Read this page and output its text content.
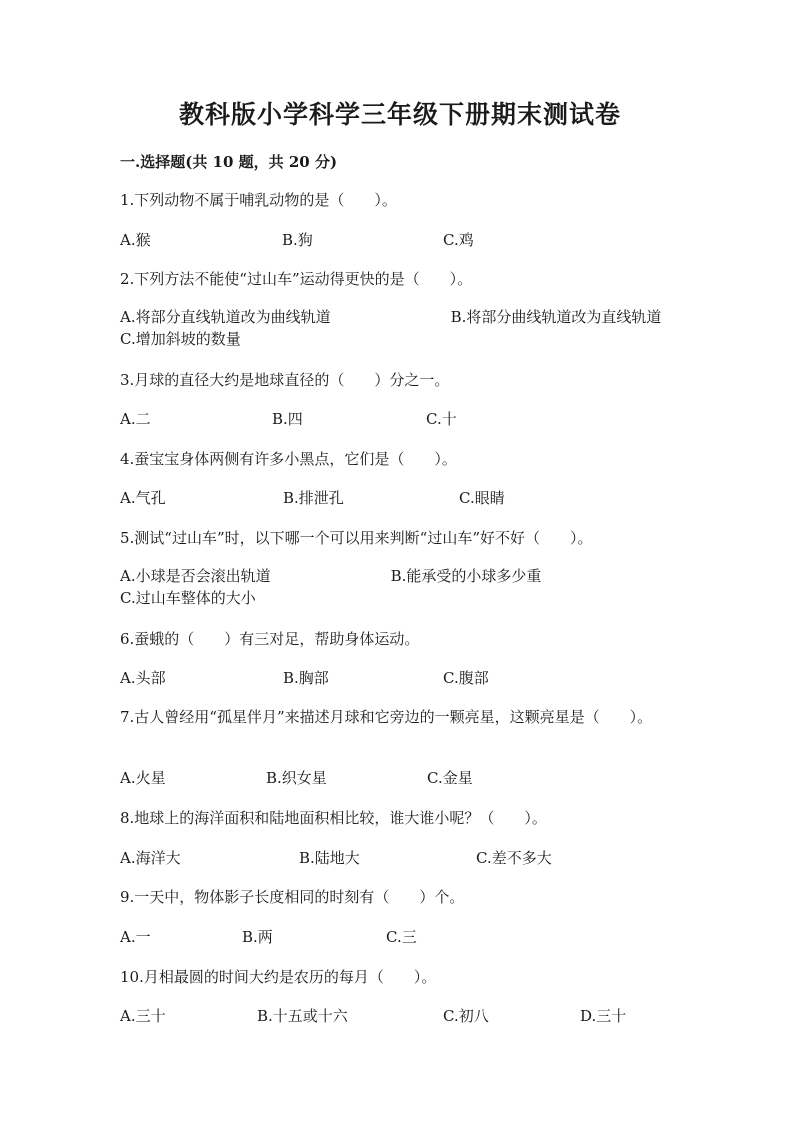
教科版小学科学三年级下册期末测试卷
一.选择题(共 10 题，共 20 分)
1.下列动物不属于哺乳动物的是（　　）。
A.猴	B.狗	C.鸡
2.下列方法不能使“过山车”运动得更快的是（　　）。
A.将部分直线轨道改为曲线轨道　　　　　　　　B.将部分曲线轨道改为直线轨道　　　　C.增加斜坡的数量
3.月球的直径大约是地球直径的（　　）分之一。
A.二	B.四	C.十
4.蚕宝宝身体两侧有许多小黑点，它们是（　　）。
A.气孔	B.排泄孔	C.眼睛
5.测试“过山车”时，以下哪一个可以用来判断“过山车”好不好（　　）。
A.小球是否会滚出轨道　　　　　　　　B.能承受的小球多少重　　　　　　　　　C.过山车整体的大小
6.蚕蛾的（　　）有三对足，帮助身体运动。
A.头部	B.胸部	C.腹部
7.古人曾经用“孤星伴月”来描述月球和它旁边的一颗亮星，这颗亮星是（　　）。
A.火星	B.织女星	C.金星
8.地球上的海洋面积和陆地面积相比较，谁大谁小呢？（　　）。
A.海洋大	B.陆地大	C.差不多大
9.一天中，物体影子长度相同的时刻有（　　）个。
A.一	B.两	C.三
10.月相最圆的时间大约是农历的每月（　　）。
A.三十	B.十五或十六	C.初八	D.三十
